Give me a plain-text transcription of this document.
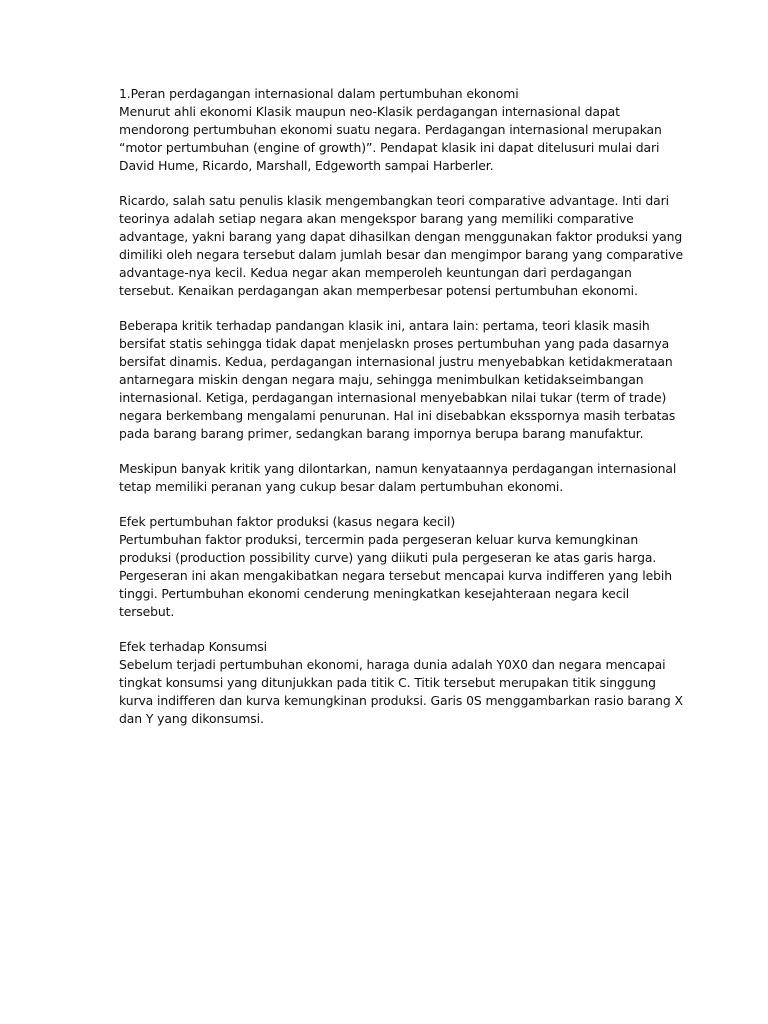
1.Peran perdagangan internasional dalam pertumbuhan ekonomi
Menurut ahli ekonomi Klasik maupun neo-Klasik perdagangan internasional dapat
mendorong pertumbuhan ekonomi suatu negara. Perdagangan internasional merupakan
“motor pertumbuhan (engine of growth)”. Pendapat klasik ini dapat ditelusuri mulai dari
David Hume, Ricardo, Marshall, Edgeworth sampai Harberler.

Ricardo, salah satu penulis klasik mengembangkan teori comparative advantage. Inti dari
teorinya adalah setiap negara akan mengekspor barang yang memiliki comparative
advantage, yakni barang yang dapat dihasilkan dengan menggunakan faktor produksi yang
dimiliki oleh negara tersebut dalam jumlah besar dan mengimpor barang yang comparative
advantage-nya kecil. Kedua negar akan memperoleh keuntungan dari perdagangan
tersebut. Kenaikan perdagangan akan memperbesar potensi pertumbuhan ekonomi.

Beberapa kritik terhadap pandangan klasik ini, antara lain: pertama, teori klasik masih
bersifat statis sehingga tidak dapat menjelaskn proses pertumbuhan yang pada dasarnya
bersifat dinamis. Kedua, perdagangan internasional justru menyebabkan ketidakmerataan
antarnegara miskin dengan negara maju, sehingga menimbulkan ketidakseimbangan
internasional. Ketiga, perdagangan internasional menyebabkan nilai tukar (term of trade)
negara berkembang mengalami penurunan. Hal ini disebabkan eksspornya masih terbatas
pada barang barang primer, sedangkan barang impornya berupa barang manufaktur.

Meskipun banyak kritik yang dilontarkan, namun kenyataannya perdagangan internasional
tetap memiliki peranan yang cukup besar dalam pertumbuhan ekonomi.

Efek pertumbuhan faktor produksi (kasus negara kecil)
Pertumbuhan faktor produksi, tercermin pada pergeseran keluar kurva kemungkinan
produksi (production possibility curve) yang diikuti pula pergeseran ke atas garis harga.
Pergeseran ini akan mengakibatkan negara tersebut mencapai kurva indifferen yang lebih
tinggi. Pertumbuhan ekonomi cenderung meningkatkan kesejahteraan negara kecil
tersebut.

Efek terhadap Konsumsi
Sebelum terjadi pertumbuhan ekonomi, haraga dunia adalah Y0X0 dan negara mencapai
tingkat konsumsi yang ditunjukkan pada titik C. Titik tersebut merupakan titik singgung
kurva indifferen dan kurva kemungkinan produksi. Garis 0S menggambarkan rasio barang X
dan Y yang dikonsumsi.
